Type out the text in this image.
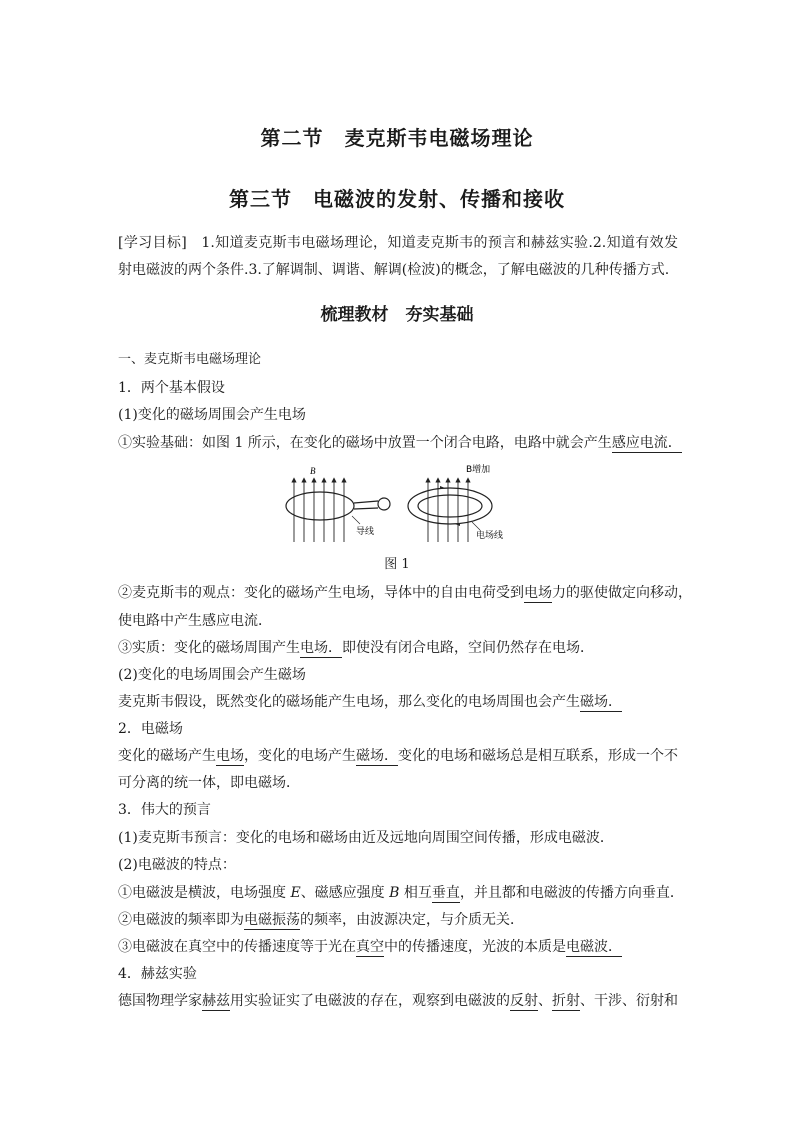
第二节　麦克斯韦电磁场理论
第三节　电磁波的发射、传播和接收
[学习目标]　1.知道麦克斯韦电磁场理论，知道麦克斯韦的预言和赫兹实验.2.知道有效发射电磁波的两个条件.3.了解调制、调谐、解调(检波)的概念，了解电磁波的几种传播方式.
梳理教材　夯实基础
一、麦克斯韦电磁场理论
1．两个基本假设
(1)变化的磁场周围会产生电场
①实验基础：如图 1 所示，在变化的磁场中放置一个闭合电路，电路中就会产生感应电流．
B
导线
B增加
电场线
图 1
②麦克斯韦的观点：变化的磁场产生电场，导体中的自由电荷受到电场力的驱使做定向移动，
使电路中产生感应电流．
③实质：变化的磁场周围产生电场．即使没有闭合电路，空间仍然存在电场．
(2)变化的电场周围会产生磁场
麦克斯韦假设，既然变化的磁场能产生电场，那么变化的电场周围也会产生磁场．
2．电磁场
变化的磁场产生电场，变化的电场产生磁场．变化的电场和磁场总是相互联系，形成一个不
可分离的统一体，即电磁场．
3．伟大的预言
(1)麦克斯韦预言：变化的电场和磁场由近及远地向周围空间传播，形成电磁波．
(2)电磁波的特点：
①电磁波是横波，电场强度 E、磁感应强度 B 相互垂直，并且都和电磁波的传播方向垂直．
②电磁波的频率即为电磁振荡的频率，由波源决定，与介质无关．
③电磁波在真空中的传播速度等于光在真空中的传播速度，光波的本质是电磁波．
4．赫兹实验
德国物理学家赫兹用实验证实了电磁波的存在，观察到电磁波的反射、折射、干涉、衍射和
